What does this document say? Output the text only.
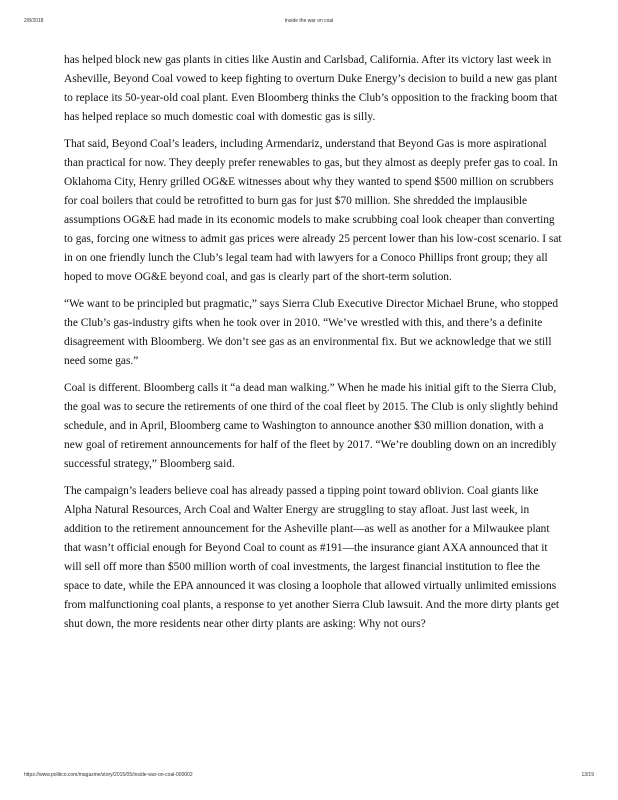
2/8/2018	Inside the war on coal

has helped block new gas plants in cities like Austin and Carlsbad, California. After its victory last week in Asheville, Beyond Coal vowed to keep fighting to overturn Duke Energy’s decision to build a new gas plant to replace its 50-year-old coal plant. Even Bloomberg thinks the Club’s opposition to the fracking boom that has helped replace so much domestic coal with domestic gas is silly.

That said, Beyond Coal’s leaders, including Armendariz, understand that Beyond Gas is more aspirational than practical for now. They deeply prefer renewables to gas, but they almost as deeply prefer gas to coal. In Oklahoma City, Henry grilled OG&E witnesses about why they wanted to spend $500 million on scrubbers for coal boilers that could be retrofitted to burn gas for just $70 million. She shredded the implausible assumptions OG&E had made in its economic models to make scrubbing coal look cheaper than converting to gas, forcing one witness to admit gas prices were already 25 percent lower than his low-cost scenario. I sat in on one friendly lunch the Club’s legal team had with lawyers for a Conoco Phillips front group; they all hoped to move OG&E beyond coal, and gas is clearly part of the short-term solution.

“We want to be principled but pragmatic,” says Sierra Club Executive Director Michael Brune, who stopped the Club’s gas-industry gifts when he took over in 2010. “We’ve wrestled with this, and there’s a definite disagreement with Bloomberg. We don’t see gas as an environmental fix. But we acknowledge that we still need some gas.”

Coal is different. Bloomberg calls it “a dead man walking.” When he made his initial gift to the Sierra Club, the goal was to secure the retirements of one third of the coal fleet by 2015. The Club is only slightly behind schedule, and in April, Bloomberg came to Washington to announce another $30 million donation, with a new goal of retirement announcements for half of the fleet by 2017. “We’re doubling down on an incredibly successful strategy,” Bloomberg said.

The campaign’s leaders believe coal has already passed a tipping point toward oblivion. Coal giants like Alpha Natural Resources, Arch Coal and Walter Energy are struggling to stay afloat. Just last week, in addition to the retirement announcement for the Asheville plant—as well as another for a Milwaukee plant that wasn’t official enough for Beyond Coal to count as #191—the insurance giant AXA announced that it will sell off more than $500 million worth of coal investments, the largest financial institution to flee the space to date, while the EPA announced it was closing a loophole that allowed virtually unlimited emissions from malfunctioning coal plants, a response to yet another Sierra Club lawsuit. And the more dirty plants get shut down, the more residents near other dirty plants are asking: Why not ours?

https://www.politico.com/magazine/story/2015/05/inside-war-on-coal-000002	13/19
